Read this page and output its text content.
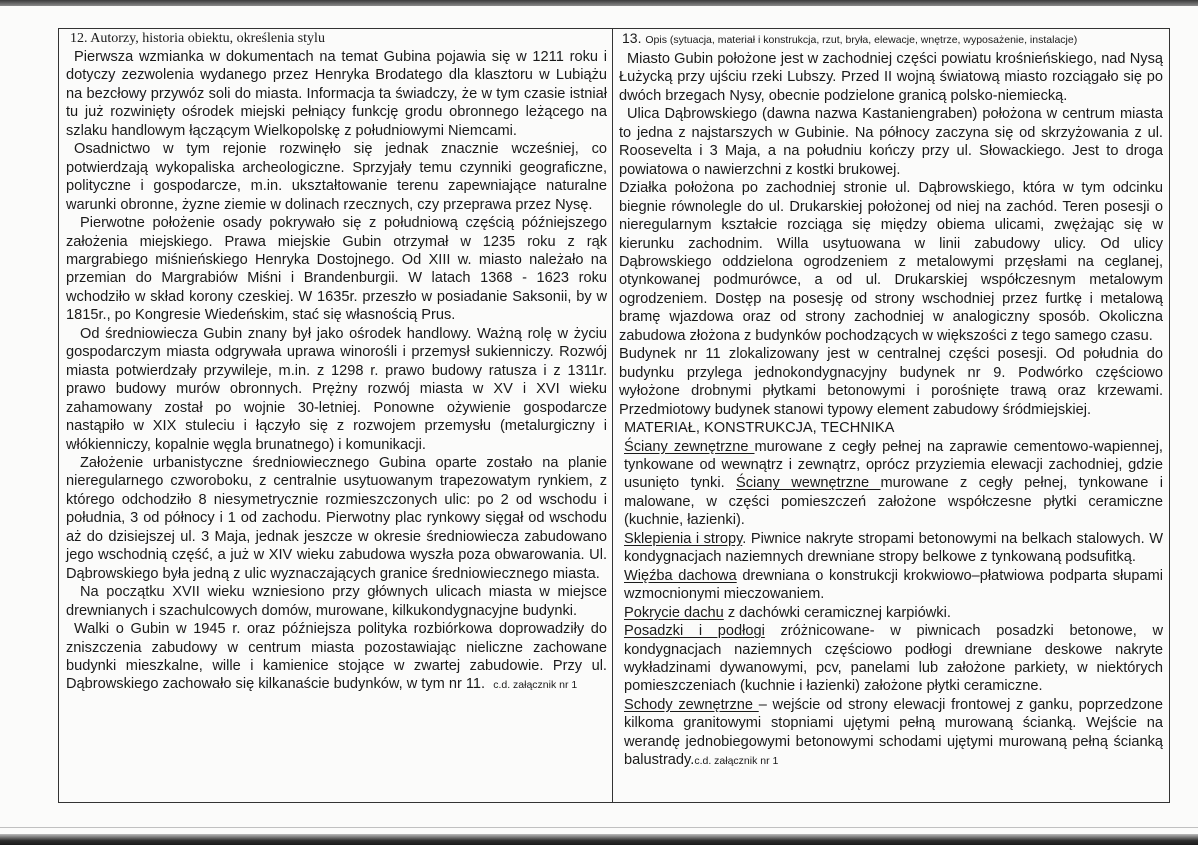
12. Autorzy, historia obiektu, określenia stylu

Pierwsza wzmianka w dokumentach na temat Gubina pojawia się w 1211 roku i dotyczy zezwolenia wydanego przez Henryka Brodatego dla klasztoru w Lubiążu na bezcłowy przywóz soli do miasta. Informacja ta świadczy, że w tym czasie istniał tu już rozwinięty ośrodek miejski pełniący funkcję grodu obronnego leżącego na szlaku handlowym łączącym Wielkopolskę z południowymi Niemcami.

Osadnictwo w tym rejonie rozwinęło się jednak znacznie wcześniej, co potwierdzają wykopaliska archeologiczne. Sprzyjały temu czynniki geograficzne, polityczne i gospodarcze, m.in. ukształtowanie terenu zapewniające naturalne warunki obronne, żyzne ziemie w dolinach rzecznych, czy przeprawa przez Nysę.

Pierwotne położenie osady pokrywało się z południową częścią późniejszego założenia miejskiego. Prawa miejskie Gubin otrzymał w 1235 roku z rąk margrabiego miśnieńskiego Henryka Dostojnego. Od XIII w. miasto należało na przemian do Margrabiów Miśni i Brandenburgii. W latach 1368 - 1623 roku wchodziło w skład korony czeskiej. W 1635r. przeszło w posiadanie Saksonii, by w 1815r., po Kongresie Wiedeńskim, stać się własnością Prus.

Od średniowiecza Gubin znany był jako ośrodek handlowy. Ważną rolę w życiu gospodarczym miasta odgrywała uprawa winorośli i przemysł sukienniczy. Rozwój miasta potwierdzały przywileje, m.in. z 1298 r. prawo budowy ratusza i z 1311r. prawo budowy murów obronnych. Prężny rozwój miasta w XV i XVI wieku zahamowany został po wojnie 30-letniej. Ponowne ożywienie gospodarcze nastąpiło w XIX stuleciu i łączyło się z rozwojem przemysłu (metalurgiczny i włókienniczy, kopalnie węgla brunatnego) i komunikacji.

Założenie urbanistyczne średniowiecznego Gubina oparte zostało na planie nieregularnego czworoboku, z centralnie usytuowanym trapezowatym rynkiem, z którego odchodziło 8 niesymetrycznie rozmieszczonych ulic: po 2 od wschodu i południa, 3 od północy i 1 od zachodu. Pierwotny plac rynkowy sięgał od wschodu aż do dzisiejszej ul. 3 Maja, jednak jeszcze w okresie średniowiecza zabudowano jego wschodnią część, a już w XIV wieku zabudowa wyszła poza obwarowania. Ul. Dąbrowskiego była jedną z ulic wyznaczających granice średniowiecznego miasta.

Na początku XVII wieku wzniesiono przy głównych ulicach miasta w miejsce drewnianych i szachulcowych domów, murowane, kilkukondygnacyjne budynki.

Walki o Gubin w 1945 r. oraz późniejsza polityka rozbiórkowa doprowadziły do zniszczenia zabudowy w centrum miasta pozostawiając nieliczne zachowane budynki mieszkalne, wille i kamienice stojące w zwartej zabudowie. Przy ul. Dąbrowskiego zachowało się kilkanaście budynków, w tym nr 11. c.d. załącznik nr 1

13. Opis (sytuacja, materiał i konstrukcja, rzut, bryła, elewacje, wnętrze, wyposażenie, instalacje)

Miasto Gubin położone jest w zachodniej części powiatu krośnieńskiego, nad Nysą Łużycką przy ujściu rzeki Lubszy. Przed II wojną światową miasto rozciągało się po dwóch brzegach Nysy, obecnie podzielone granicą polsko-niemiecką.

Ulica Dąbrowskiego (dawna nazwa Kastaniengraben) położona w centrum miasta to jedna z najstarszych w Gubinie. Na północy zaczyna się od skrzyżowania z ul. Roosevelta i 3 Maja, a na południu kończy przy ul. Słowackiego. Jest to droga powiatowa o nawierzchni z kostki brukowej.

Działka położona po zachodniej stronie ul. Dąbrowskiego, która w tym odcinku biegnie równolegle do ul. Drukarskiej położonej od niej na zachód. Teren posesji o nieregularnym kształcie rozciąga się między obiema ulicami, zwężając się w kierunku zachodnim. Willa usytuowana w linii zabudowy ulicy. Od ulicy Dąbrowskiego oddzielona ogrodzeniem z metalowymi przęsłami na ceglanej, otynkowanej podmurówce, a od ul. Drukarskiej współczesnym metalowym ogrodzeniem. Dostęp na posesję od strony wschodniej przez furtkę i metalową bramę wjazdowa oraz od strony zachodniej w analogiczny sposób. Okoliczna zabudowa złożona z budynków pochodzących w większości z tego samego czasu.

Budynek nr 11 zlokalizowany jest w centralnej części posesji. Od południa do budynku przylega jednokondygnacyjny budynek nr 9. Podwórko częściowo wyłożone drobnymi płytkami betonowymi i porośnięte trawą oraz krzewami. Przedmiotowy budynek stanowi typowy element zabudowy śródmiejskiej.

MATERIAŁ, KONSTRUKCJA, TECHNIKA

Ściany zewnętrzne murowane z cegły pełnej na zaprawie cementowo-wapiennej, tynkowane od wewnątrz i zewnątrz, oprócz przyziemia elewacji zachodniej, gdzie usunięto tynki. Ściany wewnętrzne murowane z cegły pełnej, tynkowane i malowane, w części pomieszczeń założone współczesne płytki ceramiczne (kuchnie, łazienki).

Sklepienia i stropy. Piwnice nakryte stropami betonowymi na belkach stalowych. W kondygnacjach naziemnych drewniane stropy belkowe z tynkowaną podsufitką.

Więźba dachowa drewniana o konstrukcji krokwiowo–płatwiowa podparta słupami wzmocnionymi mieczowaniem.

Pokrycie dachu z dachówki ceramicznej karpiówki.

Posadzki i podłogi zróżnicowane- w piwnicach posadzki betonowe, w kondygnacjach naziemnych częściowo podłogi drewniane deskowe nakryte wykładzinami dywanowymi, pcv, panelami lub założone parkiety, w niektórych pomieszczeniach (kuchnie i łazienki) założone płytki ceramiczne.

Schody zewnętrzne – wejście od strony elewacji frontowej z ganku, poprzedzone kilkoma granitowymi stopniami ujętymi pełną murowaną ścianką. Wejście na werandę jednobiegowymi betonowymi schodami ujętymi murowaną pełną ścianką balustrady.c.d. załącznik nr 1
